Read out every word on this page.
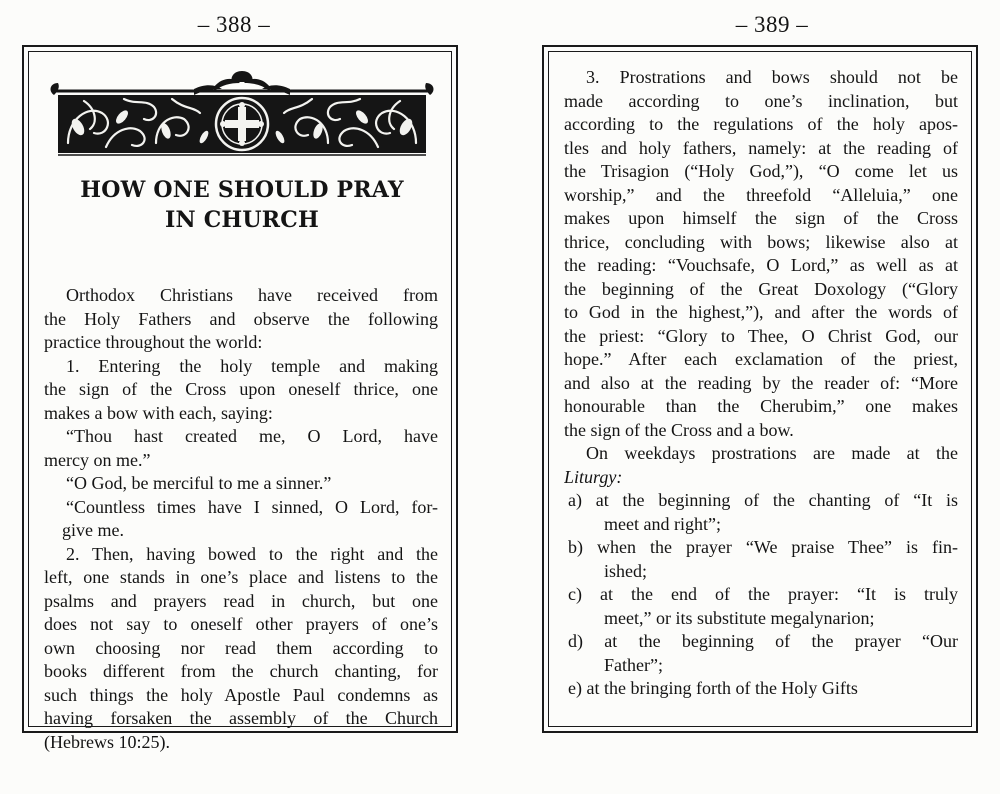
– 388 –	– 389 –
HOW ONE SHOULD PRAY
IN CHURCH
Orthodox Christians have received from
the Holy Fathers and observe the following
practice throughout the world:
1. Entering the holy temple and making
the sign of the Cross upon oneself thrice, one
makes a bow with each, saying:
“Thou hast created me, O Lord, have
mercy on me.”
“O God, be merciful to me a sinner.”
“Countless times have I sinned, O Lord, for-
give me.
2. Then, having bowed to the right and the
left, one stands in one’s place and listens to the
psalms and prayers read in church, but one
does not say to oneself other prayers of one’s
own choosing nor read them according to
books different from the church chanting, for
such things the holy Apostle Paul condemns as
having forsaken the assembly of the Church
(Hebrews 10:25).
3. Prostrations and bows should not be
made according to one’s inclination, but
according to the regulations of the holy apos-
tles and holy fathers, namely: at the reading of
the Trisagion (“Holy God,”), “O come let us
worship,” and the threefold “Alleluia,” one
makes upon himself the sign of the Cross
thrice, concluding with bows; likewise also at
the reading: “Vouchsafe, O Lord,” as well as at
the beginning of the Great Doxology (“Glory
to God in the highest,”), and after the words of
the priest: “Glory to Thee, O Christ God, our
hope.” After each exclamation of the priest,
and also at the reading by the reader of: “More
honourable than the Cherubim,” one makes
the sign of the Cross and a bow.
On weekdays prostrations are made at the
Liturgy:
a) at the beginning of the chanting of “It is
meet and right”;
b) when the prayer “We praise Thee” is fin-
ished;
c) at the end of the prayer: “It is truly
meet,” or its substitute megalynarion;
d) at the beginning of the prayer “Our
Father”;
e) at the bringing forth of the Holy Gifts
